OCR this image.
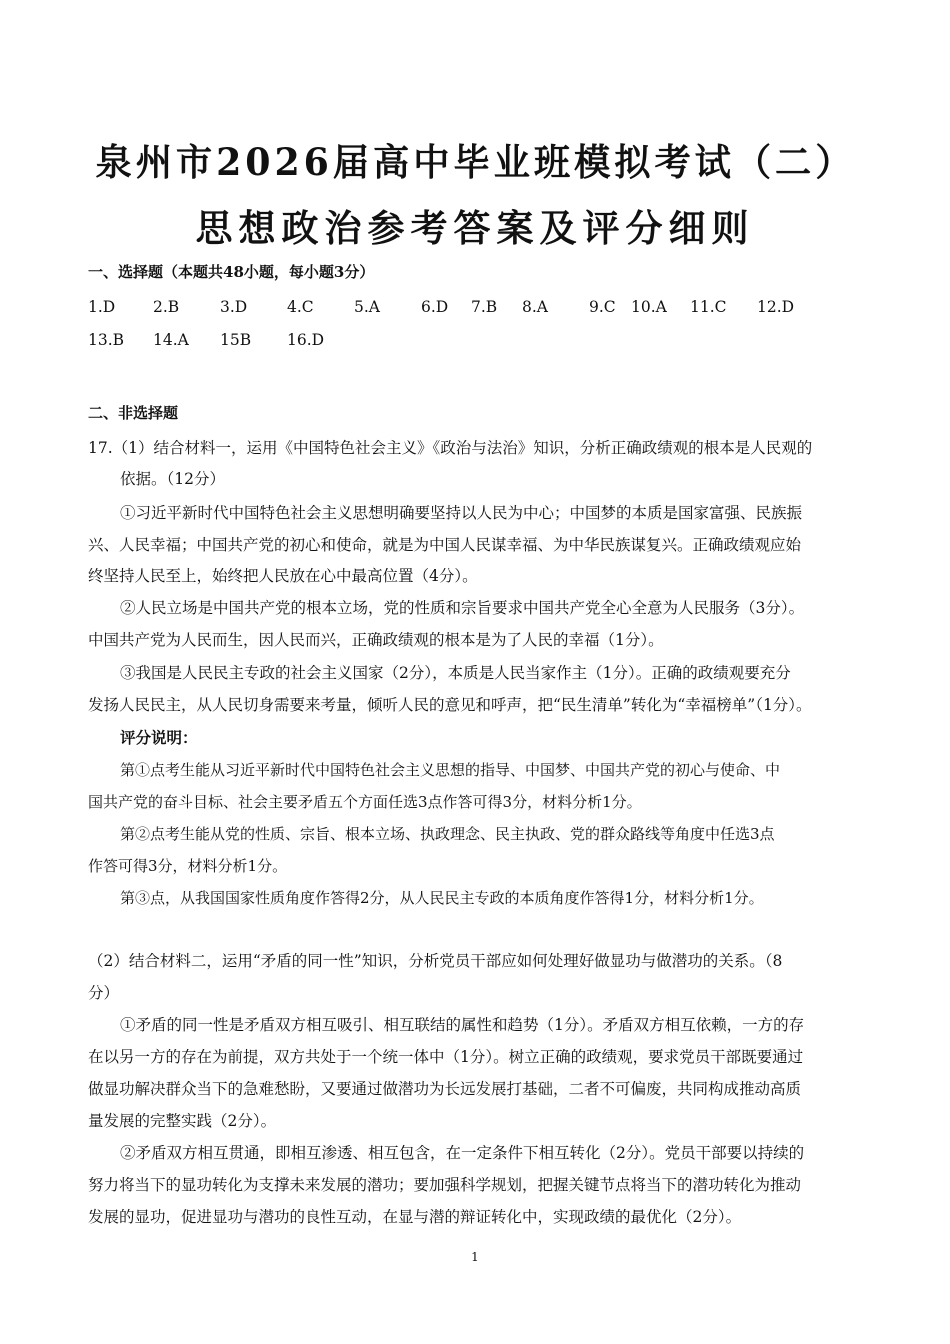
泉州市2026届高中毕业班模拟考试（二）
思想政治参考答案及评分细则
一、选择题（本题共48小题，每小题3分）
1.D 2.B	3.D	4.C	5.A	6.D 7.B 8.A	9.C 10.A 11.C 12.D
13.B 14.A 15B 16.D
二、非选择题
17.（1）结合材料一，运用《中国特色社会主义》《政治与法治》知识，分析正确政绩观的根本是人民观的
依据。（12分）
①习近平新时代中国特色社会主义思想明确要坚持以人民为中心；中国梦的本质是国家富强、民族振
兴、人民幸福；中国共产党的初心和使命，就是为中国人民谋幸福、为中华民族谋复兴。正确政绩观应始
终坚持人民至上，始终把人民放在心中最高位置（4分）。
②人民立场是中国共产党的根本立场，党的性质和宗旨要求中国共产党全心全意为人民服务（3分）。
中国共产党为人民而生，因人民而兴，正确政绩观的根本是为了人民的幸福（1分）。
③我国是人民民主专政的社会主义国家（2分），本质是人民当家作主（1分）。正确的政绩观要充分
发扬人民民主，从人民切身需要来考量，倾听人民的意见和呼声，把“民生清单”转化为“幸福榜单”（1分）。
评分说明：
第①点考生能从习近平新时代中国特色社会主义思想的指导、中国梦、中国共产党的初心与使命、中
国共产党的奋斗目标、社会主要矛盾五个方面任选3点作答可得3分，材料分析1分。
第②点考生能从党的性质、宗旨、根本立场、执政理念、民主执政、党的群众路线等角度中任选3点
作答可得3分，材料分析1分。
第③点，从我国国家性质角度作答得2分，从人民民主专政的本质角度作答得1分，材料分析1分。
（2）结合材料二，运用“矛盾的同一性”知识，分析党员干部应如何处理好做显功与做潜功的关系。（8
分）
①矛盾的同一性是矛盾双方相互吸引、相互联结的属性和趋势（1分）。矛盾双方相互依赖，一方的存
在以另一方的存在为前提，双方共处于一个统一体中（1分）。树立正确的政绩观，要求党员干部既要通过
做显功解决群众当下的急难愁盼，又要通过做潜功为长远发展打基础，二者不可偏废，共同构成推动高质
量发展的完整实践（2分）。
②矛盾双方相互贯通，即相互渗透、相互包含，在一定条件下相互转化（2分）。党员干部要以持续的
努力将当下的显功转化为支撑未来发展的潜功；要加强科学规划，把握关键节点将当下的潜功转化为推动
发展的显功，促进显功与潜功的良性互动，在显与潜的辩证转化中，实现政绩的最优化（2分）。
1
